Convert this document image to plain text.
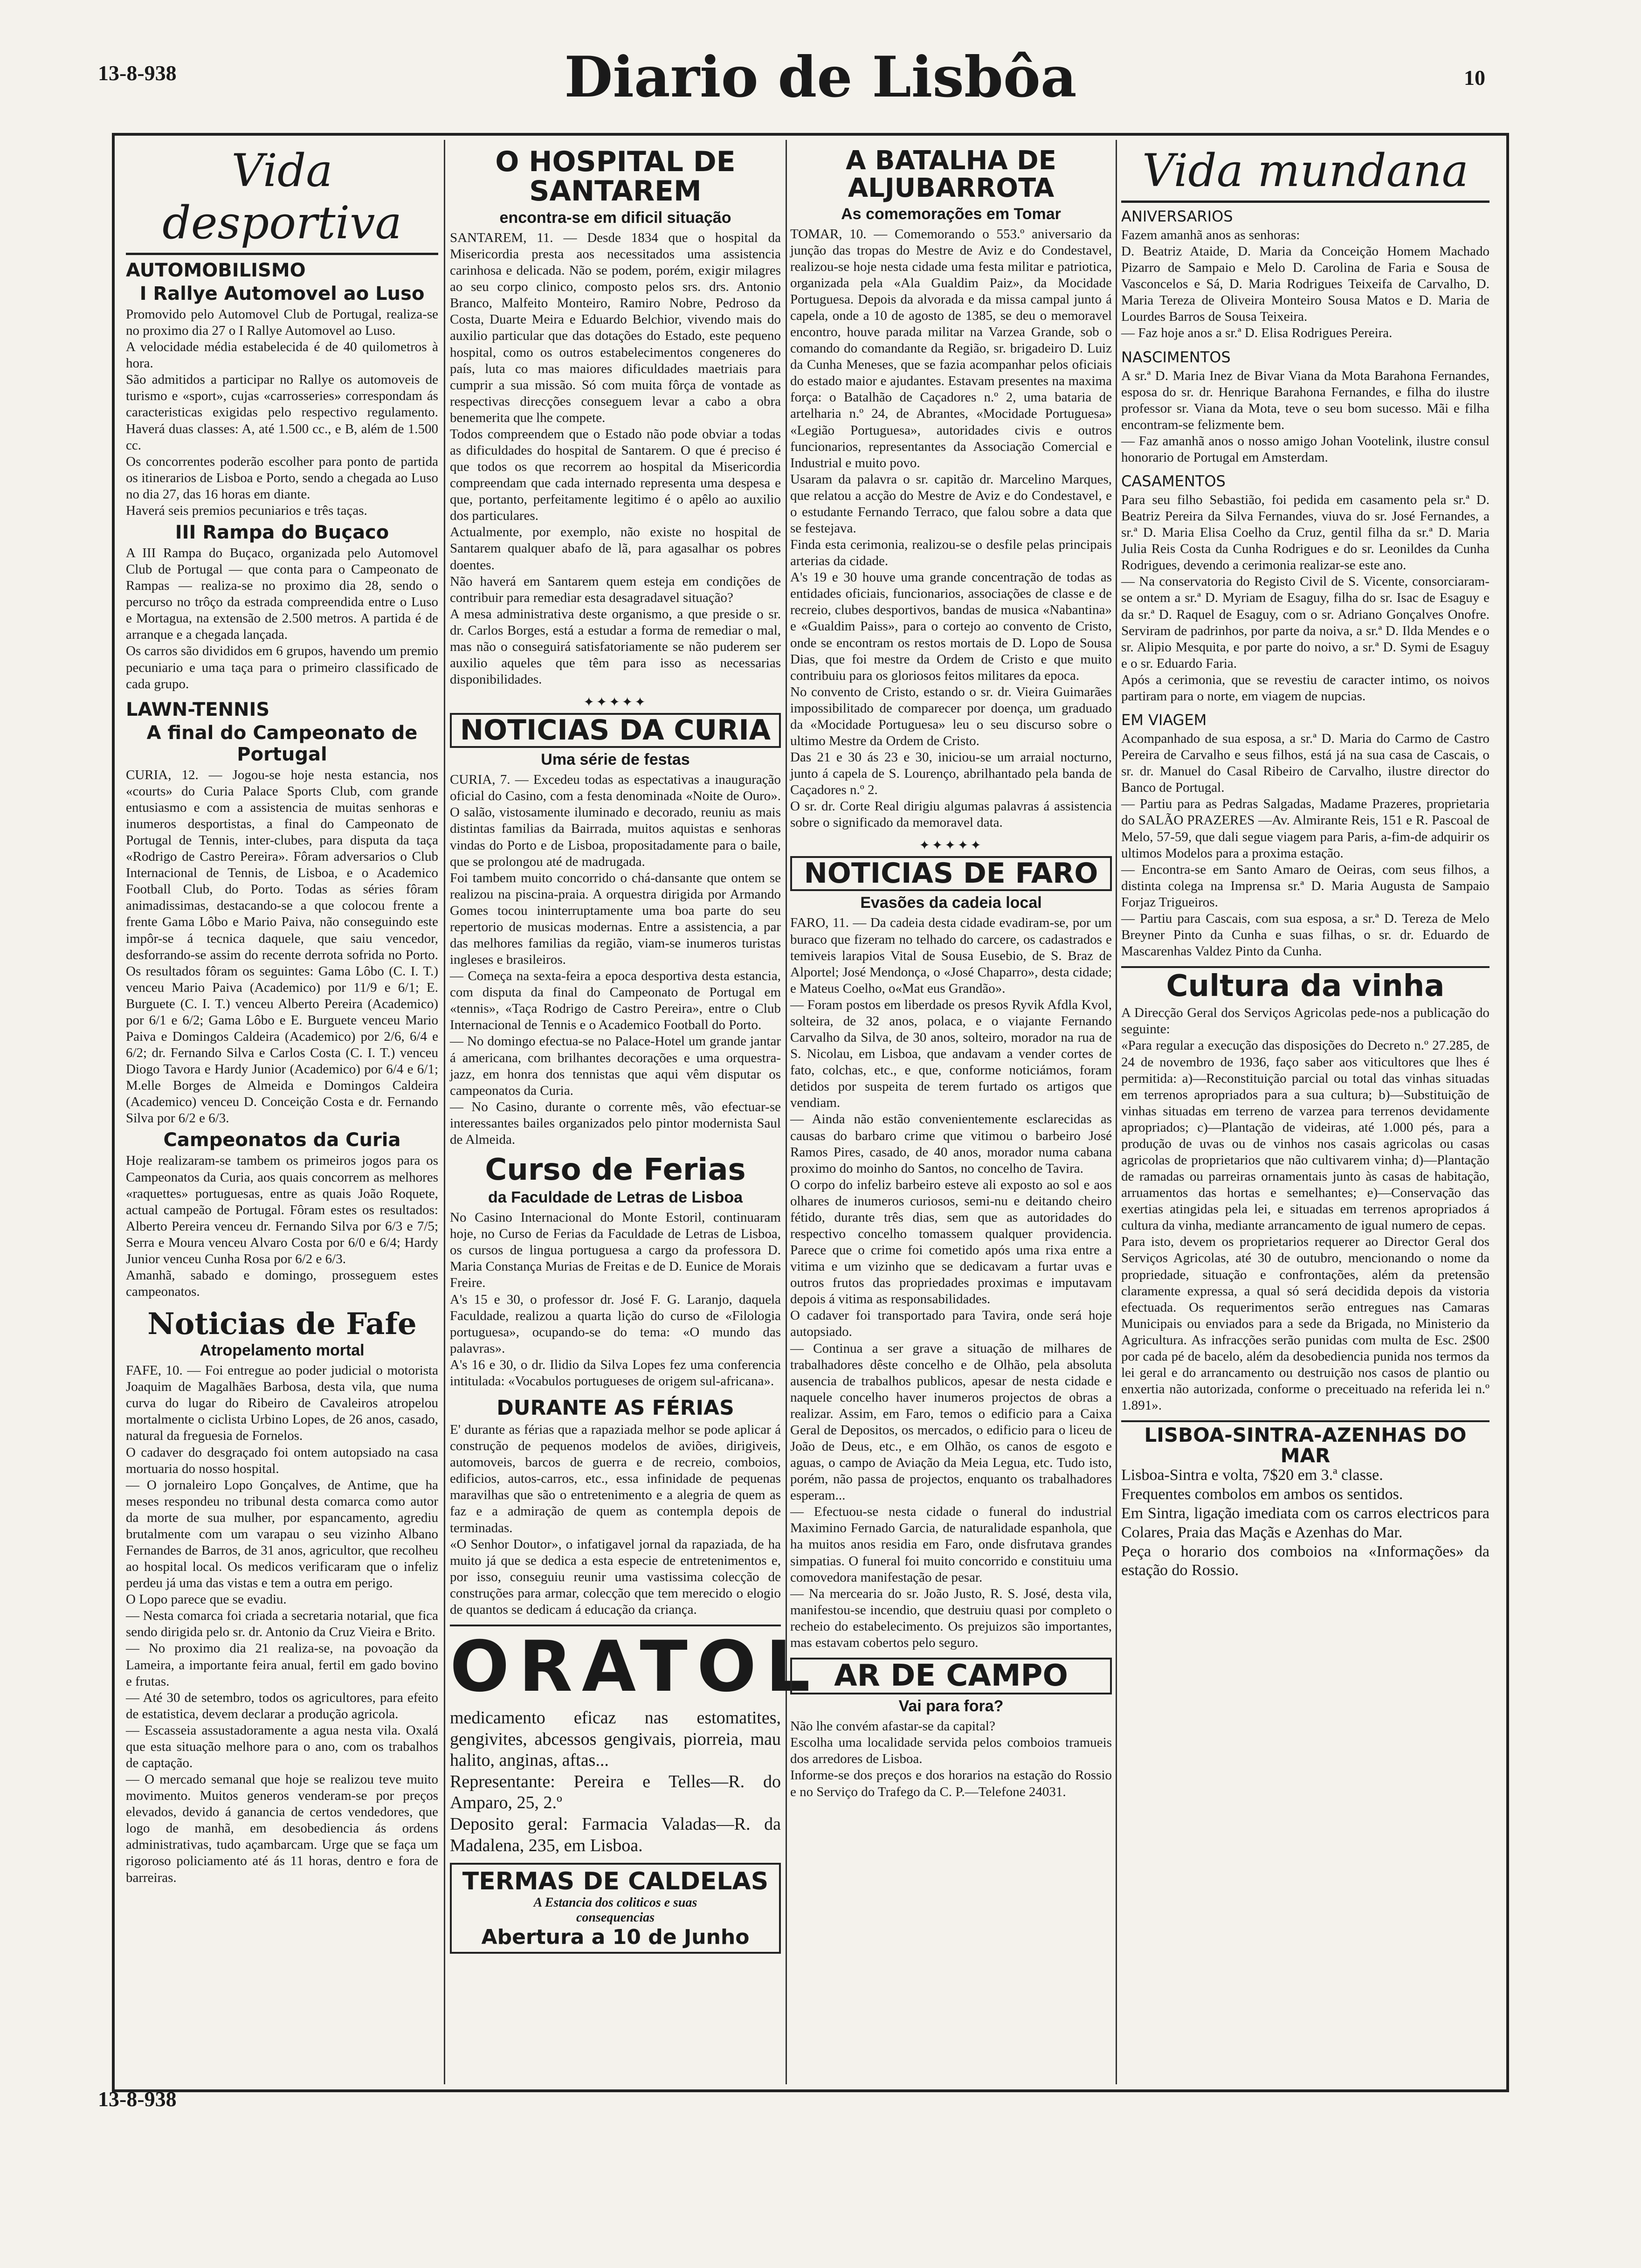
13-8-938	Diario de Lisbôa	10
Vida desportiva
AUTOMOBILISMO
I Rallye Automovel ao Luso

Promovido pelo Automovel Club de Portugal, realiza-se no proximo dia 27 o I Rallye Automovel ao Luso.
A velocidade média estabelecida é de 40 quilometros à hora.
São admitidos a participar no Rallye os automoveis de turismo e «sport», cujas «carrosseries» correspondam ás caracteristicas exigidas pelo respectivo regulamento. Haverá duas classes: A, até 1.500 cc., e B, além de 1.500 cc.
Os concorrentes poderão escolher para ponto de partida os itinerarios de Lisboa e Porto, sendo a chegada ao Luso no dia 27, das 16 horas em diante.
Haverá seis premios pecuniarios e três taças.

III Rampa do Buçaco

A III Rampa do Buçaco, organizada pelo Automovel Club de Portugal — que conta para o Campeonato de Rampas — realiza-se no proximo dia 28, sendo o percurso no trôço da estrada compreendida entre o Luso e Mortagua, na extensão de 2.500 metros. A partida é de arranque e a chegada lançada.
Os carros são divididos em 6 grupos, havendo um premio pecuniario e uma taça para o primeiro classificado de cada grupo.

LAWN-TENNIS
A final do Campeonato de Portugal

CURIA, 12. — Jogou-se hoje nesta estancia, nos «courts» do Curia Palace Sports Club, com grande entusiasmo e com a assistencia de muitas senhoras e inumeros desportistas, a final do Campeonato de Portugal de Tennis, inter-clubes, para disputa da taça «Rodrigo de Castro Pereira». Fôram adversarios o Club Internacional de Tennis, de Lisboa, e o Academico Football Club, do Porto. Todas as séries fôram animadissimas, destacando-se a que colocou frente a frente Gama Lôbo e Mario Paiva, não conseguindo este impôr-se á tecnica daquele, que saiu vencedor, desforrando-se assim do recente derrota sofrida no Porto. Os resultados fôram os seguintes: Gama Lôbo (C. I. T.) venceu Mario Paiva (Academico) por 11/9 e 6/1; E. Burguete (C. I. T.) venceu Alberto Pereira (Academico) por 6/1 e 6/2; Gama Lôbo e E. Burguete venceu Mario Paiva e Domingos Caldeira (Academico) por 2/6, 6/4 e 6/2; dr. Fernando Silva e Carlos Costa (C. I. T.) venceu Diogo Tavora e Hardy Junior (Academico) por 6/4 e 6/1; M.elle Borges de Almeida e Domingos Caldeira (Academico) venceu D. Conceição Costa e dr. Fernando Silva por 6/2 e 6/3.

Campeonatos da Curia

Hoje realizaram-se tambem os primeiros jogos para os Campeonatos da Curia, aos quais concorrem as melhores «raquettes» portuguesas, entre as quais João Roquete, actual campeão de Portugal. Fôram estes os resultados: Alberto Pereira venceu dr. Fernando Silva por 6/3 e 7/5; Serra e Moura venceu Alvaro Costa por 6/0 e 6/4; Hardy Junior venceu Cunha Rosa por 6/2 e 6/3.
Amanhã, sabado e domingo, prosseguem estes campeonatos.

Noticias de Fafe
Atropelamento mortal

FAFE, 10. — Foi entregue ao poder judicial o motorista Joaquim de Magalhães Barbosa, desta vila, que numa curva do lugar do Ribeiro de Cavaleiros atropelou mortalmente o ciclista Urbino Lopes, de 26 anos, casado, natural da freguesia de Fornelos.
O cadaver do desgraçado foi ontem autopsiado na casa mortuaria do nosso hospital.
— O jornaleiro Lopo Gonçalves, de Antime, que ha meses respondeu no tribunal desta comarca como autor da morte de sua mulher, por espancamento, agrediu brutalmente com um varapau o seu vizinho Albano Fernandes de Barros, de 31 anos, agricultor, que recolheu ao hospital local. Os medicos verificaram que o infeliz perdeu já uma das vistas e tem a outra em perigo.
O Lopo parece que se evadiu.
— Nesta comarca foi criada a secretaria notarial, que fica sendo dirigida pelo sr. dr. Antonio da Cruz Vieira e Brito.
— No proximo dia 21 realiza-se, na povoação da Lameira, a importante feira anual, fertil em gado bovino e frutas.
— Até 30 de setembro, todos os agricultores, para efeito de estatistica, devem declarar a produção agricola.
— Escasseia assustadoramente a agua nesta vila. Oxalá que esta situação melhore para o ano, com os trabalhos de captação.
— O mercado semanal que hoje se realizou teve muito movimento. Muitos generos venderam-se por preços elevados, devido á ganancia de certos vendedores, que logo de manhã, em desobediencia ás ordens administrativas, tudo açambarcam. Urge que se faça um rigoroso policiamento até ás 11 horas, dentro e fora de barreiras.

O HOSPITAL DE SANTAREM
encontra-se em dificil situação

SANTAREM, 11. — Desde 1834 que o hospital da Misericordia presta aos necessitados uma assistencia carinhosa e delicada. Não se podem, porém, exigir milagres ao seu corpo clinico, composto pelos srs. drs. Antonio Branco, Malfeito Monteiro, Ramiro Nobre, Pedroso da Costa, Duarte Meira e Eduardo Belchior, vivendo mais do auxilio particular que das dotações do Estado, este pequeno hospital, como os outros estabelecimentos congeneres do país, luta co mas maiores dificuldades maetriais para cumprir a sua missão. Só com muita fôrça de vontade as respectivas direcções conseguem levar a cabo a obra benemerita que lhe compete.
Todos compreendem que o Estado não pode obviar a todas as dificuldades do hospital de Santarem. O que é preciso é que todos os que recorrem ao hospital da Misericordia compreendam que cada internado representa uma despesa e que, portanto, perfeitamente legitimo é o apêlo ao auxilio dos particulares.
Actualmente, por exemplo, não existe no hospital de Santarem qualquer abafo de lã, para agasalhar os pobres doentes.
Não haverá em Santarem quem esteja em condições de contribuir para remediar esta desagradavel situação?
A mesa administrativa deste organismo, a que preside o sr. dr. Carlos Borges, está a estudar a forma de remediar o mal, mas não o conseguirá satisfatoriamente se não puderem ser auxilio aqueles que têm para isso as necessarias disponibilidades.

✦✦✦✦✦
NOTICIAS DA CURIA
Uma série de festas

CURIA, 7. — Excedeu todas as espectativas a inauguração oficial do Casino, com a festa denominada «Noite de Ouro». O salão, vistosamente iluminado e decorado, reuniu as mais distintas familias da Bairrada, muitos aquistas e senhoras vindas do Porto e de Lisboa, propositadamente para o baile, que se prolongou até de madrugada.
Foi tambem muito concorrido o chá-dansante que ontem se realizou na piscina-praia. A orquestra dirigida por Armando Gomes tocou ininterruptamente uma boa parte do seu repertorio de musicas modernas. Entre a assistencia, a par das melhores familias da região, viam-se inumeros turistas ingleses e brasileiros.
— Começa na sexta-feira a epoca desportiva desta estancia, com disputa da final do Campeonato de Portugal em «tennis», «Taça Rodrigo de Castro Pereira», entre o Club Internacional de Tennis e o Academico Football do Porto.
— No domingo efectua-se no Palace-Hotel um grande jantar á americana, com brilhantes decorações e uma orquestra-jazz, em honra dos tennistas que aqui vêm disputar os campeonatos da Curia.
— No Casino, durante o corrente mês, vão efectuar-se interessantes bailes organizados pelo pintor modernista Saul de Almeida.

Curso de Ferias
da Faculdade de Letras de Lisboa

No Casino Internacional do Monte Estoril, continuaram hoje, no Curso de Ferias da Faculdade de Letras de Lisboa, os cursos de lingua portuguesa a cargo da professora D. Maria Constança Murias de Freitas e de D. Eunice de Morais Freire.
A's 15 e 30, o professor dr. José F. G. Laranjo, daquela Faculdade, realizou a quarta lição do curso de «Filologia portuguesa», ocupando-se do tema: «O mundo das palavras».
A's 16 e 30, o dr. Ilidio da Silva Lopes fez uma conferencia intitulada: «Vocabulos portugueses de origem sul-africana».

DURANTE AS FÉRIAS

E' durante as férias que a rapaziada melhor se pode aplicar á construção de pequenos modelos de aviões, dirigiveis, automoveis, barcos de guerra e de recreio, comboios, edificios, autos-carros, etc., essa infinidade de pequenas maravilhas que são o entretenimento e a alegria de quem as faz e a admiração de quem as contempla depois de terminadas.
«O Senhor Doutor», o infatigavel jornal da rapaziada, de ha muito já que se dedica a esta especie de entretenimentos e, por isso, conseguiu reunir uma vastissima colecção de construções para armar, colecção que tem merecido o elogio de quantos se dedicam á educação da criança.

ORATOL
medicamento eficaz nas estomatites, gengivites, abcessos gengivais, piorreia, mau halito, anginas, aftas...
Representante: Pereira e Telles—R. do Amparo, 25, 2.º
Deposito geral: Farmacia Valadas—R. da Madalena, 235, em Lisboa.
TERMAS DE CALDELAS
A Estancia dos coliticos e suas
consequencias
Abertura a 10 de Junho
A BATALHA DE ALJUBARROTA
As comemorações em Tomar

TOMAR, 10. — Comemorando o 553.º aniversario da junção das tropas do Mestre de Aviz e do Condestavel, realizou-se hoje nesta cidade uma festa militar e patriotica, organizada pela «Ala Gualdim Paiz», da Mocidade Portuguesa. Depois da alvorada e da missa campal junto á capela, onde a 10 de agosto de 1385, se deu o memoravel encontro, houve parada militar na Varzea Grande, sob o comando do comandante da Região, sr. brigadeiro D. Luiz da Cunha Meneses, que se fazia acompanhar pelos oficiais do estado maior e ajudantes. Estavam presentes na maxima força: o Batalhão de Caçadores n.º 2, uma bataria de artelharia n.º 24, de Abrantes, «Mocidade Portuguesa» «Legião Portuguesa», autoridades civis e outros funcionarios, representantes da Associação Comercial e Industrial e muito povo.
Usaram da palavra o sr. capitão dr. Marcelino Marques, que relatou a acção do Mestre de Aviz e do Condestavel, e o estudante Fernando Terraco, que falou sobre a data que se festejava.
Finda esta cerimonia, realizou-se o desfile pelas principais arterias da cidade.
A's 19 e 30 houve uma grande concentração de todas as entidades oficiais, funcionarios, associações de classe e de recreio, clubes desportivos, bandas de musica «Nabantina» e «Gualdim Paiss», para o cortejo ao convento de Cristo, onde se encontram os restos mortais de D. Lopo de Sousa Dias, que foi mestre da Ordem de Cristo e que muito contribuiu para os gloriosos feitos militares da epoca.
No convento de Cristo, estando o sr. dr. Vieira Guimarães impossibilitado de comparecer por doença, um graduado da «Mocidade Portuguesa» leu o seu discurso sobre o ultimo Mestre da Ordem de Cristo.
Das 21 e 30 ás 23 e 30, iniciou-se um arraial nocturno, junto á capela de S. Lourenço, abrilhantado pela banda de Caçadores n.º 2.
O sr. dr. Corte Real dirigiu algumas palavras á assistencia sobre o significado da memoravel data.

✦✦✦✦✦
NOTICIAS DE FARO
Evasões da cadeia local

FARO, 11. — Da cadeia desta cidade evadiram-se, por um buraco que fizeram no telhado do carcere, os cadastrados e temiveis larapios Vital de Sousa Eusebio, de S. Braz de Alportel; José Mendonça, o «José Chaparro», desta cidade; e Mateus Coelho, o«Mat eus Grandão».
— Foram postos em liberdade os presos Ryvik Afdla Kvol, solteira, de 32 anos, polaca, e o viajante Fernando Carvalho da Silva, de 30 anos, solteiro, morador na rua de S. Nicolau, em Lisboa, que andavam a vender cortes de fato, colchas, etc., e que, conforme noticiámos, foram detidos por suspeita de terem furtado os artigos que vendiam.
— Ainda não estão convenientemente esclarecidas as causas do barbaro crime que vitimou o barbeiro José Ramos Pires, casado, de 40 anos, morador numa cabana proximo do moinho do Santos, no concelho de Tavira.
O corpo do infeliz barbeiro esteve ali exposto ao sol e aos olhares de inumeros curiosos, semi-nu e deitando cheiro fétido, durante três dias, sem que as autoridades do respectivo concelho tomassem qualquer providencia. Parece que o crime foi cometido após uma rixa entre a vitima e um vizinho que se dedicavam a furtar uvas e outros frutos das propriedades proximas e imputavam depois á vitima as responsabilidades.
O cadaver foi transportado para Tavira, onde será hoje autopsiado.
— Continua a ser grave a situação de milhares de trabalhadores dêste concelho e de Olhão, pela absoluta ausencia de trabalhos publicos, apesar de nesta cidade e naquele concelho haver inumeros projectos de obras a realizar. Assim, em Faro, temos o edificio para a Caixa Geral de Depositos, os mercados, o edificio para o liceu de João de Deus, etc., e em Olhão, os canos de esgoto e aguas, o campo de Aviação da Meia Legua, etc. Tudo isto, porém, não passa de projectos, enquanto os trabalhadores esperam...
— Efectuou-se nesta cidade o funeral do industrial Maximino Fernado Garcia, de naturalidade espanhola, que ha muitos anos residia em Faro, onde disfrutava grandes simpatias. O funeral foi muito concorrido e constituiu uma comovedora manifestação de pesar.
— Na mercearia do sr. João Justo, R. S. José, desta vila, manifestou-se incendio, que destruiu quasi por completo o recheio do estabelecimento. Os prejuizos são importantes, mas estavam cobertos pelo seguro.

AR DE CAMPO
Vai para fora?

Não lhe convém afastar-se da capital?
Escolha uma localidade servida pelos comboios tramueis dos arredores de Lisboa.
Informe-se dos preços e dos horarios na estação do Rossio e no Serviço do Trafego da C. P.—Telefone 24031.

Vida mundana
ANIVERSARIOS

Fazem amanhã anos as senhoras:
D. Beatriz Ataide, D. Maria da Conceição Homem Machado Pizarro de Sampaio e Melo D. Carolina de Faria e Sousa de Vasconcelos e Sá, D. Maria Rodrigues Teixeifa de Carvalho, D. Maria Tereza de Oliveira Monteiro Sousa Matos e D. Maria de Lourdes Barros de Sousa Teixeira.
— Faz hoje anos a sr.ª D. Elisa Rodrigues Pereira.

NASCIMENTOS

A sr.ª D. Maria Inez de Bivar Viana da Mota Barahona Fernandes, esposa do sr. dr. Henrique Barahona Fernandes, e filha do ilustre professor sr. Viana da Mota, teve o seu bom sucesso. Mãi e filha encontram-se felizmente bem.
— Faz amanhã anos o nosso amigo Johan Vootelink, ilustre consul honorario de Portugal em Amsterdam.

CASAMENTOS

Para seu filho Sebastião, foi pedida em casamento pela sr.ª D. Beatriz Pereira da Silva Fernandes, viuva do sr. José Fernandes, a sr.ª D. Maria Elisa Coelho da Cruz, gentil filha da sr.ª D. Maria Julia Reis Costa da Cunha Rodrigues e do sr. Leonildes da Cunha Rodrigues, devendo a cerimonia realizar-se este ano.
— Na conservatoria do Registo Civil de S. Vicente, consorciaram-se ontem a sr.ª D. Myriam de Esaguy, filha do sr. Isac de Esaguy e da sr.ª D. Raquel de Esaguy, com o sr. Adriano Gonçalves Onofre. Serviram de padrinhos, por parte da noiva, a sr.ª D. Ilda Mendes e o sr. Alipio Mesquita, e por parte do noivo, a sr.ª D. Symi de Esaguy e o sr. Eduardo Faria.
Após a cerimonia, que se revestiu de caracter intimo, os noivos partiram para o norte, em viagem de nupcias.

EM VIAGEM

Acompanhado de sua esposa, a sr.ª D. Maria do Carmo de Castro Pereira de Carvalho e seus filhos, está já na sua casa de Cascais, o sr. dr. Manuel do Casal Ribeiro de Carvalho, ilustre director do Banco de Portugal.
— Partiu para as Pedras Salgadas, Madame Prazeres, proprietaria do SALÃO PRAZERES —Av. Almirante Reis, 151 e R. Pascoal de Melo, 57-59, que dali segue viagem para Paris, a-fim-de adquirir os ultimos Modelos para a proxima estação.
— Encontra-se em Santo Amaro de Oeiras, com seus filhos, a distinta colega na Imprensa sr.ª D. Maria Augusta de Sampaio Forjaz Trigueiros.
— Partiu para Cascais, com sua esposa, a sr.ª D. Tereza de Melo Breyner Pinto da Cunha e suas filhas, o sr. dr. Eduardo de Mascarenhas Valdez Pinto da Cunha.

Cultura da vinha

A Direcção Geral dos Serviços Agricolas pede-nos a publicação do seguinte:
«Para regular a execução das disposições do Decreto n.º 27.285, de 24 de novembro de 1936, faço saber aos viticultores que lhes é permitida: a)—Reconstituição parcial ou total das vinhas situadas em terrenos apropriados para a sua cultura; b)—Substituição de vinhas situadas em terreno de varzea para terrenos devidamente apropriados; c)—Plantação de videiras, até 1.000 pés, para a produção de uvas ou de vinhos nos casais agricolas ou casas agricolas de proprietarios que não cultivarem vinha; d)—Plantação de ramadas ou parreiras ornamentais junto às casas de habitação, arruamentos das hortas e semelhantes; e)—Conservação das exertias atingidas pela lei, e situadas em terrenos apropriados á cultura da vinha, mediante arrancamento de igual numero de cepas.
Para isto, devem os proprietarios requerer ao Director Geral dos Serviços Agricolas, até 30 de outubro, mencionando o nome da propriedade, situação e confrontações, além da pretensão claramente expressa, a qual só será decidida depois da vistoria efectuada. Os requerimentos serão entregues nas Camaras Municipais ou enviados para a sede da Brigada, no Ministerio da Agricultura. As infracções serão punidas com multa de Esc. 2$00 por cada pé de bacelo, além da desobediencia punida nos termos da lei geral e do arrancamento ou destruição nos casos de plantio ou enxertia não autorizada, conforme o preceituado na referida lei n.º 1.891».

LISBOA-SINTRA-AZENHAS DO MAR
Lisboa-Sintra e volta, 7$20 em 3.ª classe.
Frequentes combolos em ambos os sentidos.
Em Sintra, ligação imediata com os carros electricos para Colares, Praia das Maçãs e Azenhas do Mar.
Peça o horario dos comboios na «Informações» da estação do Rossio.
13-8-938
